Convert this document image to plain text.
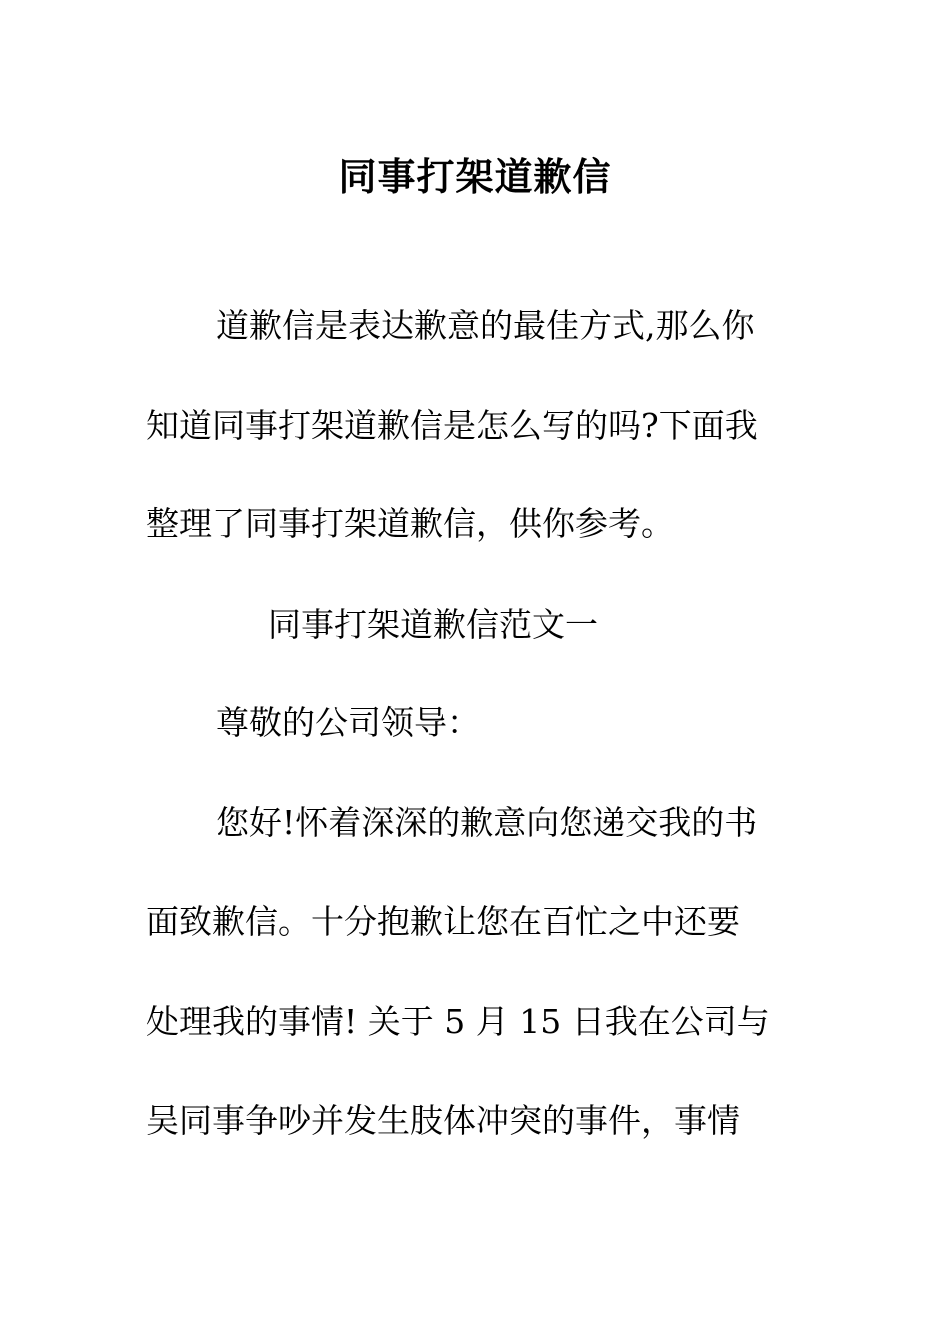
同事打架道歉信
道歉信是表达歉意的最佳方式,那么你
知道同事打架道歉信是怎么写的吗?下面我
整理了同事打架道歉信，供你参考。
同事打架道歉信范文一
尊敬的公司领导：
您好!怀着深深的歉意向您递交我的书
面致歉信。十分抱歉让您在百忙之中还要
处理我的事情! 关于 5 月 15 日我在公司与
吴同事争吵并发生肢体冲突的事件，事情
